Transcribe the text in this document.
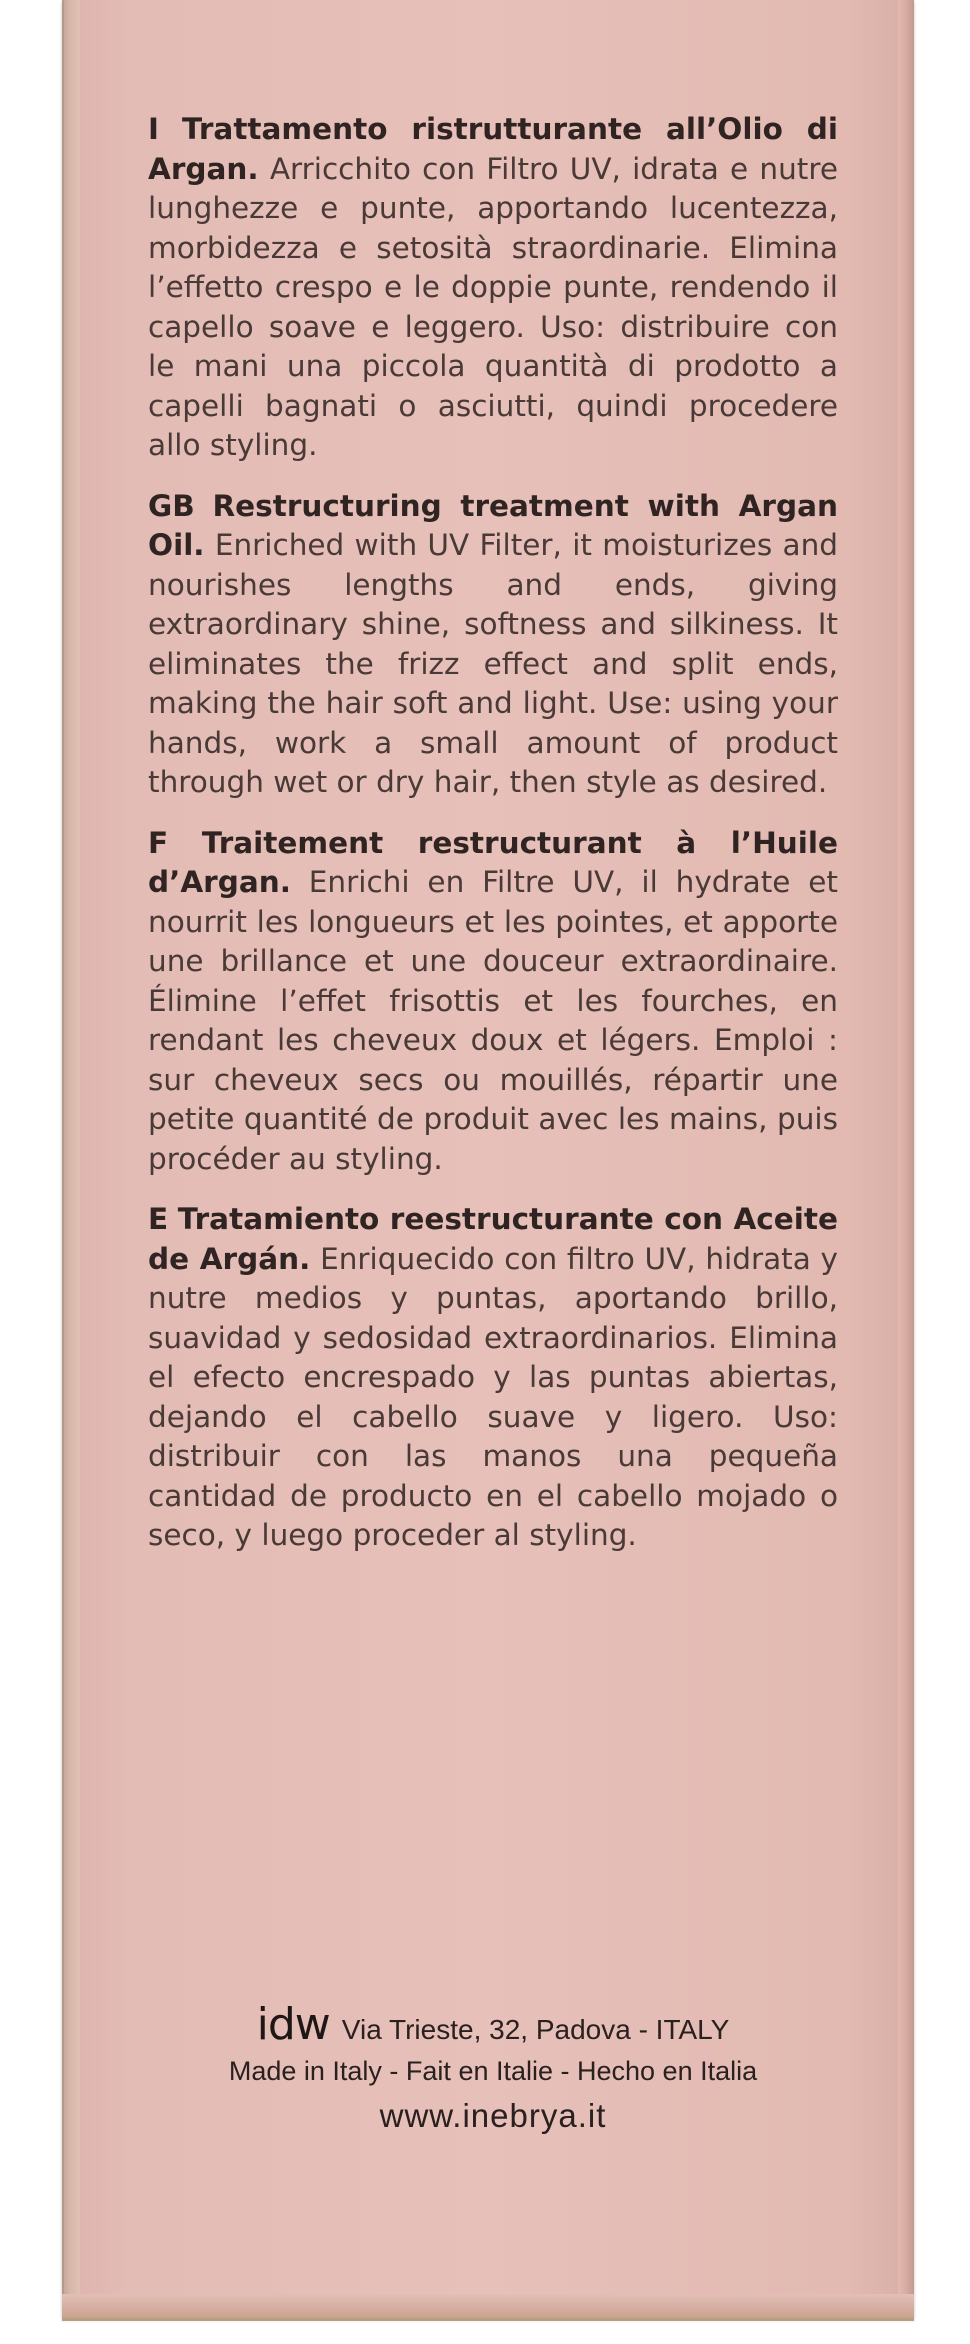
I Trattamento ristrutturante all’Olio di Argan. Arricchito con Filtro UV, idrata e nutre lunghezze e punte, apportando lucentezza, morbidezza e setosità straordinarie. Elimina l’effetto crespo e le doppie punte, rendendo il capello soave e leggero. Uso: distribuire con le mani una piccola quantità di prodotto a capelli bagnati o asciutti, quindi procedere allo styling.

GB Restructuring treatment with Argan Oil. Enriched with UV Filter, it moisturizes and nourishes lengths and ends, giving extraordinary shine, softness and silkiness. It eliminates the frizz effect and split ends, making the hair soft and light. Use: using your hands, work a small amount of product through wet or dry hair, then style as desired.

F Traitement restructurant à l’Huile d’Argan. Enrichi en Filtre UV, il hydrate et nourrit les longueurs et les pointes, et apporte une brillance et une douceur extraordinaire. Élimine l’effet frisottis et les fourches, en rendant les cheveux doux et légers. Emploi : sur cheveux secs ou mouillés, répartir une petite quantité de produit avec les mains, puis procéder au styling.

E Tratamiento reestructurante con Aceite de Argán. Enriquecido con filtro UV, hidrata y nutre medios y puntas, aportando brillo, suavidad y sedosidad extraordinarios. Elimina el efecto encrespado y las puntas abiertas, dejando el cabello suave y ligero. Uso: distribuir con las manos una pequeña cantidad de producto en el cabello mojado o seco, y luego proceder al styling.

idw Via Trieste, 32, Padova - ITALY
Made in Italy - Fait en Italie - Hecho en Italia
www.inebrya.it
